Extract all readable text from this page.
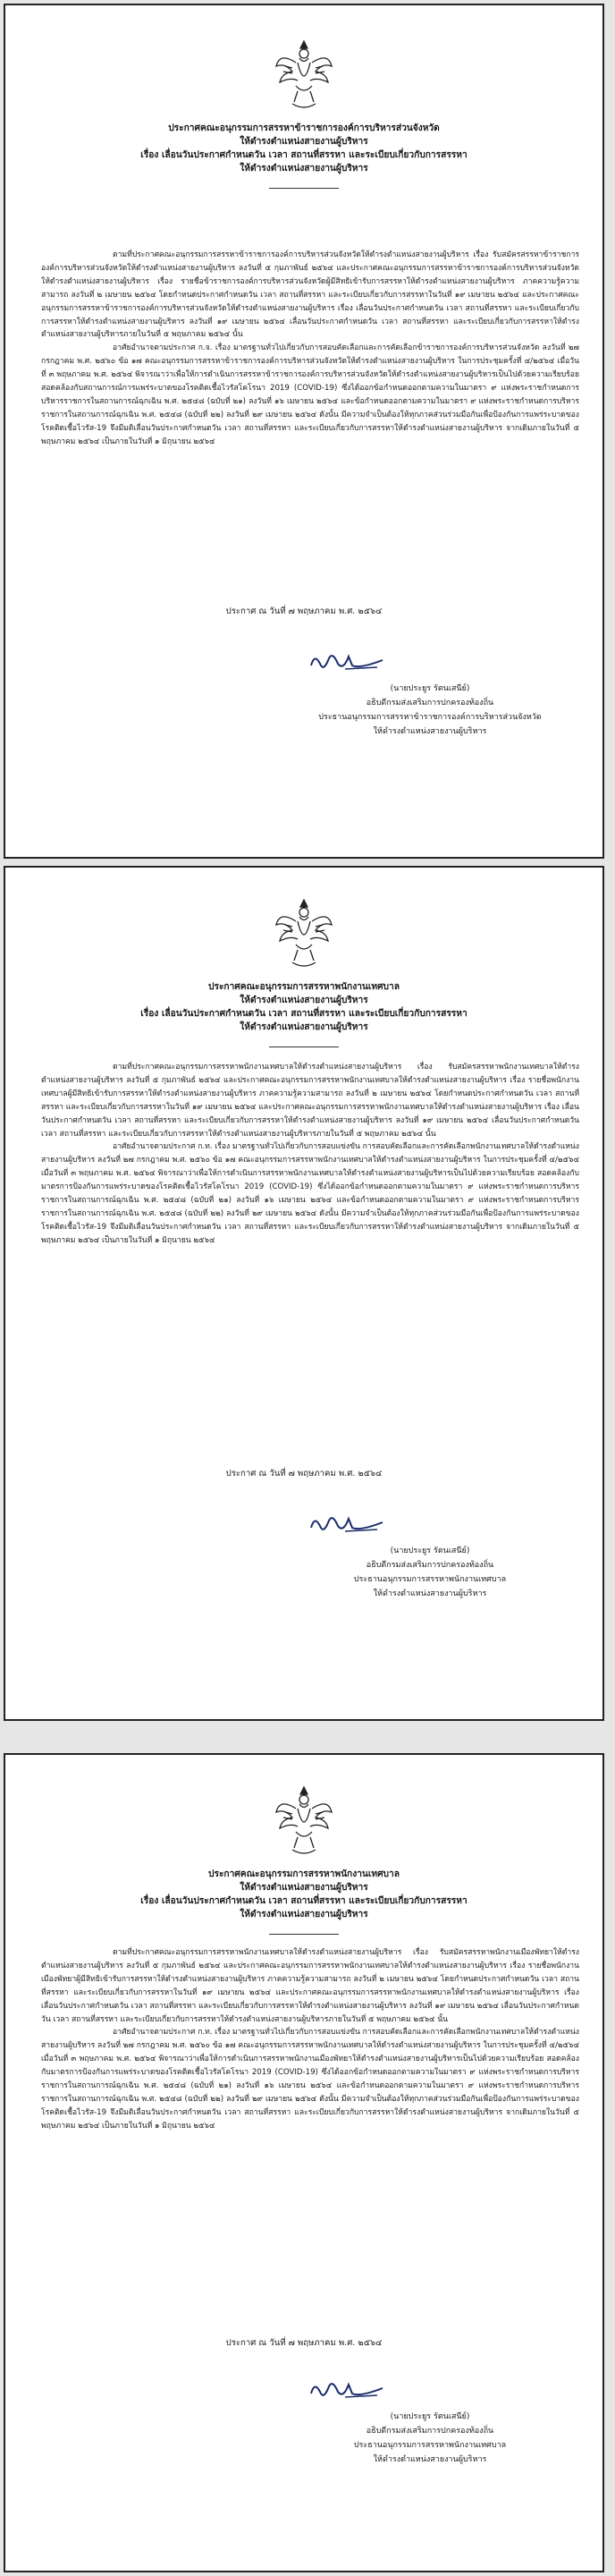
ประกาศคณะอนุกรรมการสรรหาข้าราชการองค์การบริหารส่วนจังหวัด
ให้ดำรงตำแหน่งสายงานผู้บริหาร
เรื่อง เลื่อนวันประกาศกำหนดวัน เวลา สถานที่สรรหา และระเบียบเกี่ยวกับการสรรหา
ให้ดำรงตำแหน่งสายงานผู้บริหาร

ตามที่ประกาศคณะอนุกรรมการสรรหาข้าราชการองค์การบริหารส่วนจังหวัดให้ดำรงตำแหน่งสายงานผู้บริหาร เรื่อง รับสมัครสรรหาข้าราชการองค์การบริหารส่วนจังหวัดให้ดำรงตำแหน่งสายงานผู้บริหาร ลงวันที่ ๕ กุมภาพันธ์ ๒๕๖๔ และประกาศคณะอนุกรรมการสรรหาข้าราชการองค์การบริหารส่วนจังหวัดให้ดำรงตำแหน่งสายงานผู้บริหาร เรื่อง รายชื่อข้าราชการองค์การบริหารส่วนจังหวัดผู้มีสิทธิเข้ารับการสรรหาให้ดำรงตำแหน่งสายงานผู้บริหาร ภาคความรู้ความสามารถ ลงวันที่ ๒ เมษายน ๒๕๖๔ โดยกำหนดประกาศกำหนดวัน เวลา สถานที่สรรหา และระเบียบเกี่ยวกับการสรรหาในวันที่ ๑๙ เมษายน ๒๕๖๔ และประกาศคณะอนุกรรมการสรรหาข้าราชการองค์การบริหารส่วนจังหวัดให้ดำรงตำแหน่งสายงานผู้บริหาร เรื่อง เลื่อนวันประกาศกำหนดวัน เวลา สถานที่สรรหา และระเบียบเกี่ยวกับการสรรหาให้ดำรงตำแหน่งสายงานผู้บริหาร ลงวันที่ ๑๙ เมษายน ๒๕๖๔ เลื่อนวันประกาศกำหนดวัน เวลา สถานที่สรรหา และระเบียบเกี่ยวกับการสรรหาให้ดำรงตำแหน่งสายงานผู้บริหารภายในวันที่ ๕ พฤษภาคม ๒๕๖๔ นั้น

อาศัยอำนาจตามประกาศ ก.จ. เรื่อง มาตรฐานทั่วไปเกี่ยวกับการสอบคัดเลือกและการคัดเลือกข้าราชการองค์การบริหารส่วนจังหวัด ลงวันที่ ๒๗ กรกฎาคม พ.ศ. ๒๕๖๐ ข้อ ๑๗ คณะอนุกรรมการสรรหาข้าราชการองค์การบริหารส่วนจังหวัดให้ดำรงตำแหน่งสายงานผู้บริหาร ในการประชุมครั้งที่ ๔/๒๕๖๔ เมื่อวันที่ ๓ พฤษภาคม พ.ศ. ๒๕๖๔ พิจารณาว่าเพื่อให้การดำเนินการสรรหาข้าราชการองค์การบริหารส่วนจังหวัดให้ดำรงตำแหน่งสายงานผู้บริหารเป็นไปด้วยความเรียบร้อย สอดคล้องกับสถานการณ์การแพร่ระบาดของโรคติดเชื้อไวรัสโคโรนา 2019 (COVID-19) ซึ่งได้ออกข้อกำหนดออกตามความในมาตรา ๙ แห่งพระราชกำหนดการบริหารราชการในสถานการณ์ฉุกเฉิน พ.ศ. ๒๕๔๘ (ฉบับที่ ๒๑) ลงวันที่ ๑๖ เมษายน ๒๕๖๔ และข้อกำหนดออกตามความในมาตรา ๙ แห่งพระราชกำหนดการบริหารราชการในสถานการณ์ฉุกเฉิน พ.ศ. ๒๕๔๘ (ฉบับที่ ๒๒) ลงวันที่ ๒๙ เมษายน ๒๕๖๔ ดังนั้น มีความจำเป็นต้องให้ทุกภาคส่วนร่วมมือกันเพื่อป้องกันการแพร่ระบาดของโรคติดเชื้อไวรัส-19 จึงมีมติเลื่อนวันประกาศกำหนดวัน เวลา สถานที่สรรหา และระเบียบเกี่ยวกับการสรรหาให้ดำรงตำแหน่งสายงานผู้บริหาร จากเดิมภายในวันที่ ๕ พฤษภาคม ๒๕๖๔ เป็นภายในวันที่ ๑ มิถุนายน ๒๕๖๔

ประกาศ ณ วันที่ ๗ พฤษภาคม พ.ศ. ๒๕๖๔
(นายประยูร รัตนเสนีย์)
อธิบดีกรมส่งเสริมการปกครองท้องถิ่น
ประธานอนุกรรมการสรรหาข้าราชการองค์การบริหารส่วนจังหวัด
ให้ดำรงตำแหน่งสายงานผู้บริหาร
ประกาศคณะอนุกรรมการสรรหาพนักงานเทศบาล
ให้ดำรงตำแหน่งสายงานผู้บริหาร
เรื่อง เลื่อนวันประกาศกำหนดวัน เวลา สถานที่สรรหา และระเบียบเกี่ยวกับการสรรหา
ให้ดำรงตำแหน่งสายงานผู้บริหาร

ตามที่ประกาศคณะอนุกรรมการสรรหาพนักงานเทศบาลให้ดำรงตำแหน่งสายงานผู้บริหาร เรื่อง รับสมัครสรรหาพนักงานเทศบาลให้ดำรงตำแหน่งสายงานผู้บริหาร ลงวันที่ ๕ กุมภาพันธ์ ๒๕๖๔ และประกาศคณะอนุกรรมการสรรหาพนักงานเทศบาลให้ดำรงตำแหน่งสายงานผู้บริหาร เรื่อง รายชื่อพนักงานเทศบาลผู้มีสิทธิเข้ารับการสรรหาให้ดำรงตำแหน่งสายงานผู้บริหาร ภาคความรู้ความสามารถ ลงวันที่ ๒ เมษายน ๒๕๖๔ โดยกำหนดประกาศกำหนดวัน เวลา สถานที่สรรหา และระเบียบเกี่ยวกับการสรรหาในวันที่ ๑๙ เมษายน ๒๕๖๔ และประกาศคณะอนุกรรมการสรรหาพนักงานเทศบาลให้ดำรงตำแหน่งสายงานผู้บริหาร เรื่อง เลื่อนวันประกาศกำหนดวัน เวลา สถานที่สรรหา และระเบียบเกี่ยวกับการสรรหาให้ดำรงตำแหน่งสายงานผู้บริหาร ลงวันที่ ๑๙ เมษายน ๒๕๖๔ เลื่อนวันประกาศกำหนดวัน เวลา สถานที่สรรหา และระเบียบเกี่ยวกับการสรรหาให้ดำรงตำแหน่งสายงานผู้บริหารภายในวันที่ ๕ พฤษภาคม ๒๕๖๔ นั้น

อาศัยอำนาจตามประกาศ ก.ท. เรื่อง มาตรฐานทั่วไปเกี่ยวกับการสอบแข่งขัน การสอบคัดเลือกและการคัดเลือกพนักงานเทศบาลให้ดำรงตำแหน่งสายงานผู้บริหาร ลงวันที่ ๒๗ กรกฎาคม พ.ศ. ๒๕๖๐ ข้อ ๑๗ คณะอนุกรรมการสรรหาพนักงานเทศบาลให้ดำรงตำแหน่งสายงานผู้บริหาร ในการประชุมครั้งที่ ๔/๒๕๖๔ เมื่อวันที่ ๓ พฤษภาคม พ.ศ. ๒๕๖๔ พิจารณาว่าเพื่อให้การดำเนินการสรรหาพนักงานเทศบาลให้ดำรงตำแหน่งสายงานผู้บริหารเป็นไปด้วยความเรียบร้อย สอดคล้องกับมาตรการป้องกันการแพร่ระบาดของโรคติดเชื้อไวรัสโคโรนา 2019 (COVID-19) ซึ่งได้ออกข้อกำหนดออกตามความในมาตรา ๙ แห่งพระราชกำหนดการบริหารราชการในสถานการณ์ฉุกเฉิน พ.ศ. ๒๕๔๘ (ฉบับที่ ๒๑) ลงวันที่ ๑๖ เมษายน ๒๕๖๔ และข้อกำหนดออกตามความในมาตรา ๙ แห่งพระราชกำหนดการบริหารราชการในสถานการณ์ฉุกเฉิน พ.ศ. ๒๕๔๘ (ฉบับที่ ๒๒) ลงวันที่ ๒๙ เมษายน ๒๕๖๔ ดังนั้น มีความจำเป็นต้องให้ทุกภาคส่วนร่วมมือกันเพื่อป้องกันการแพร่ระบาดของโรคติดเชื้อไวรัส-19 จึงมีมติเลื่อนวันประกาศกำหนดวัน เวลา สถานที่สรรหา และระเบียบเกี่ยวกับการสรรหาให้ดำรงตำแหน่งสายงานผู้บริหาร จากเดิมภายในวันที่ ๕ พฤษภาคม ๒๕๖๔ เป็นภายในวันที่ ๑ มิถุนายน ๒๕๖๔

ประกาศ ณ วันที่ ๗ พฤษภาคม พ.ศ. ๒๕๖๔
(นายประยูร รัตนเสนีย์)
อธิบดีกรมส่งเสริมการปกครองท้องถิ่น
ประธานอนุกรรมการสรรหาพนักงานเทศบาล
ให้ดำรงตำแหน่งสายงานผู้บริหาร
ประกาศคณะอนุกรรมการสรรหาพนักงานเทศบาล
ให้ดำรงตำแหน่งสายงานผู้บริหาร
เรื่อง เลื่อนวันประกาศกำหนดวัน เวลา สถานที่สรรหา และระเบียบเกี่ยวกับการสรรหา
ให้ดำรงตำแหน่งสายงานผู้บริหาร

ตามที่ประกาศคณะอนุกรรมการสรรหาพนักงานเทศบาลให้ดำรงตำแหน่งสายงานผู้บริหาร เรื่อง รับสมัครสรรหาพนักงานเมืองพัทยาให้ดำรงตำแหน่งสายงานผู้บริหาร ลงวันที่ ๕ กุมภาพันธ์ ๒๕๖๔ และประกาศคณะอนุกรรมการสรรหาพนักงานเทศบาลให้ดำรงตำแหน่งสายงานผู้บริหาร เรื่อง รายชื่อพนักงานเมืองพัทยาผู้มีสิทธิเข้ารับการสรรหาให้ดำรงตำแหน่งสายงานผู้บริหาร ภาคความรู้ความสามารถ ลงวันที่ ๒ เมษายน ๒๕๖๔ โดยกำหนดประกาศกำหนดวัน เวลา สถานที่สรรหา และระเบียบเกี่ยวกับการสรรหาในวันที่ ๑๙ เมษายน ๒๕๖๔ และประกาศคณะอนุกรรมการสรรหาพนักงานเทศบาลให้ดำรงตำแหน่งสายงานผู้บริหาร เรื่อง เลื่อนวันประกาศกำหนดวัน เวลา สถานที่สรรหา และระเบียบเกี่ยวกับการสรรหาให้ดำรงตำแหน่งสายงานผู้บริหาร ลงวันที่ ๑๙ เมษายน ๒๕๖๔ เลื่อนวันประกาศกำหนดวัน เวลา สถานที่สรรหา และระเบียบเกี่ยวกับการสรรหาให้ดำรงตำแหน่งสายงานผู้บริหารภายในวันที่ ๕ พฤษภาคม ๒๕๖๔ นั้น

อาศัยอำนาจตามประกาศ ก.ท. เรื่อง มาตรฐานทั่วไปเกี่ยวกับการสอบแข่งขัน การสอบคัดเลือกและการคัดเลือกพนักงานเทศบาลให้ดำรงตำแหน่งสายงานผู้บริหาร ลงวันที่ ๒๗ กรกฎาคม พ.ศ. ๒๕๖๐ ข้อ ๑๗ คณะอนุกรรมการสรรหาพนักงานเทศบาลให้ดำรงตำแหน่งสายงานผู้บริหาร ในการประชุมครั้งที่ ๔/๒๕๖๔ เมื่อวันที่ ๓ พฤษภาคม พ.ศ. ๒๕๖๔ พิจารณาว่าเพื่อให้การดำเนินการสรรหาพนักงานเมืองพัทยาให้ดำรงตำแหน่งสายงานผู้บริหารเป็นไปด้วยความเรียบร้อย สอดคล้องกับมาตรการป้องกันการแพร่ระบาดของโรคติดเชื้อไวรัสโคโรนา 2019 (COVID-19) ซึ่งได้ออกข้อกำหนดออกตามความในมาตรา ๙ แห่งพระราชกำหนดการบริหารราชการในสถานการณ์ฉุกเฉิน พ.ศ. ๒๕๔๘ (ฉบับที่ ๒๑) ลงวันที่ ๑๖ เมษายน ๒๕๖๔ และข้อกำหนดออกตามความในมาตรา ๙ แห่งพระราชกำหนดการบริหารราชการในสถานการณ์ฉุกเฉิน พ.ศ. ๒๕๔๘ (ฉบับที่ ๒๒) ลงวันที่ ๒๙ เมษายน ๒๕๖๔ ดังนั้น มีความจำเป็นต้องให้ทุกภาคส่วนร่วมมือกันเพื่อป้องกันการแพร่ระบาดของโรคติดเชื้อไวรัส-19 จึงมีมติเลื่อนวันประกาศกำหนดวัน เวลา สถานที่สรรหา และระเบียบเกี่ยวกับการสรรหาให้ดำรงตำแหน่งสายงานผู้บริหาร จากเดิมภายในวันที่ ๕ พฤษภาคม ๒๕๖๔ เป็นภายในวันที่ ๑ มิถุนายน ๒๕๖๔

ประกาศ ณ วันที่ ๗ พฤษภาคม พ.ศ. ๒๕๖๔
(นายประยูร รัตนเสนีย์)
อธิบดีกรมส่งเสริมการปกครองท้องถิ่น
ประธานอนุกรรมการสรรหาพนักงานเทศบาล
ให้ดำรงตำแหน่งสายงานผู้บริหาร
